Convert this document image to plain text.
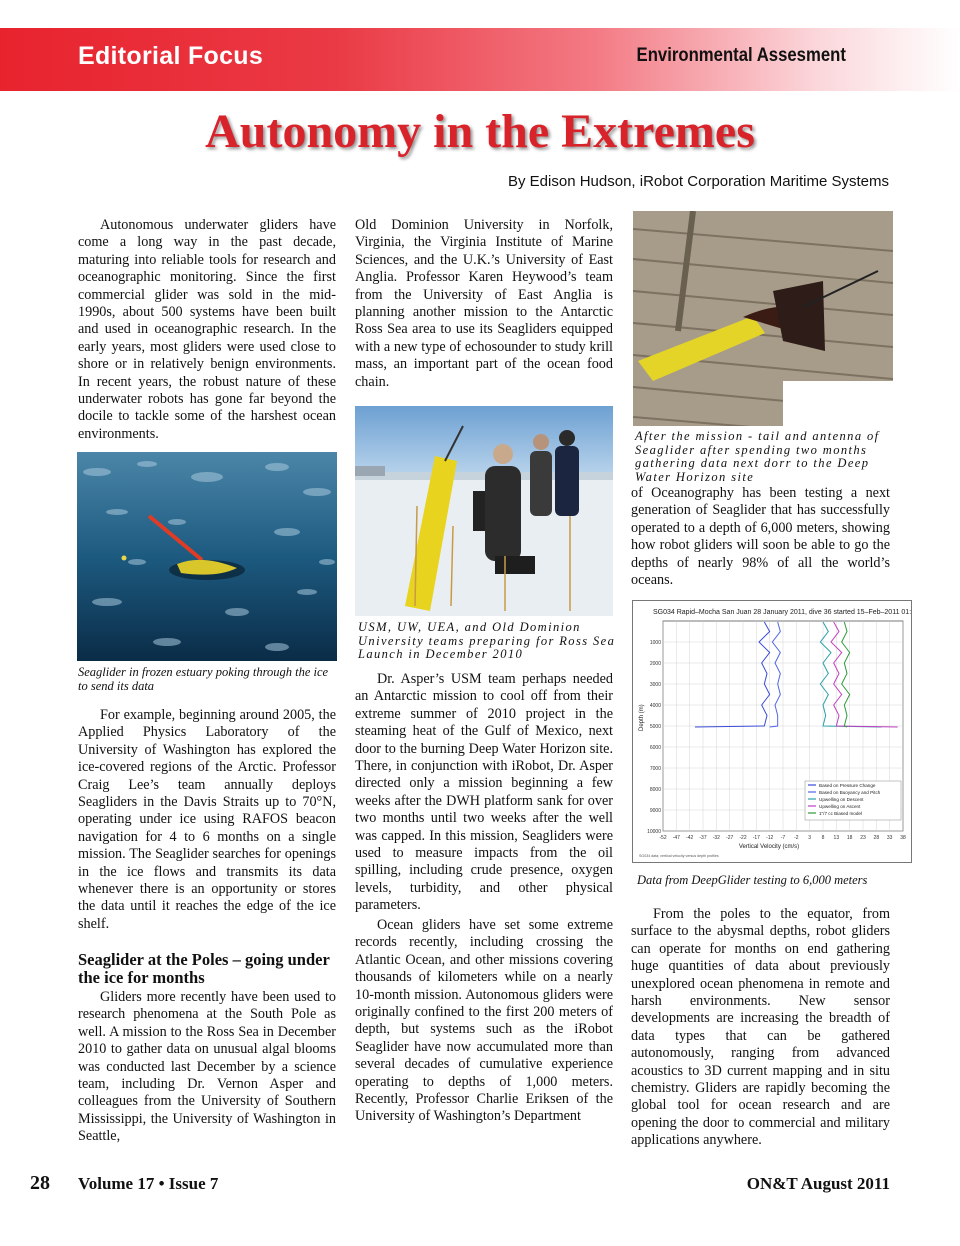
Editorial Focus	Environmental Assesment
Autonomy in the Extremes
By Edison Hudson, iRobot Corporation Maritime Systems

Autonomous underwater gliders have come a long way in the past decade, maturing into reliable tools for research and oceanographic monitoring. Since the first commercial glider was sold in the mid-1990s, about 500 systems have been built and used in oceanographic research. In the early years, most gliders were used close to shore or in relatively benign environments. In recent years, the robust nature of these underwater robots has gone far beyond the docile to tackle some of the harshest ocean environments.

Seaglider in frozen estuary poking through the ice to send its data

For example, beginning around 2005, the Applied Physics Laboratory of the University of Washington has explored the ice-covered regions of the Arctic. Professor Craig Lee’s team annually deploys Seagliders in the Davis Straits up to 70°N, operating under ice using RAFOS beacon navigation for 4 to 6 months on a single mission. The Seaglider searches for openings in the ice flows and transmits its data whenever there is an opportunity or stores the data until it reaches the edge of the ice shelf.

Seaglider at the Poles – going under the ice for months

Gliders more recently have been used to research phenomena at the South Pole as well. A mission to the Ross Sea in December 2010 to gather data on unusual algal blooms was conducted last December by a science team, including Dr. Vernon Asper and colleagues from the University of Southern Mississippi, the University of Washington in Seattle,

Old Dominion University in Norfolk, Virginia, the Virginia Institute of Marine Sciences, and the U.K.’s University of East Anglia. Professor Karen Heywood’s team from the University of East Anglia is planning another mission to the Antarctic Ross Sea area to use its Seagliders equipped with a new type of echosounder to study krill mass, an important part of the ocean food chain.

USM, UW, UEA, and Old Dominion University teams preparing for Ross Sea Launch in December 2010

Dr. Asper’s USM team perhaps needed an Antarctic mission to cool off from their extreme summer of 2010 project in the steaming heat of the Gulf of Mexico, next door to the burning Deep Water Horizon site. There, in conjunction with iRobot, Dr. Asper directed only a mission beginning a few weeks after the DWH platform sank for over two months until two weeks after the well was capped. In this mission, Seagliders were used to measure impacts from the oil spilling, including crude presence, oxygen levels, turbidity, and other physical parameters.

Ocean gliders have set some extreme records recently, including crossing the Atlantic Ocean, and other missions covering thousands of kilometers while on a nearly 10-month mission. Autonomous gliders were originally confined to the first 200 meters of depth, but systems such as the iRobot Seaglider have now accumulated more than several decades of cumulative experience operating to depths of 1,000 meters. Recently, Professor Charlie Eriksen of the University of Washington’s Department

After the mission - tail and antenna of Seaglider after spending two months gathering data next dorr to the Deep Water Horizon site

of Oceanography has been testing a next generation of Seaglider that has successfully operated to a depth of 6,000 meters, showing how robot gliders will soon be able to go the depths of nearly 98% of all the world’s oceans.

SG034 Rapid–Mocha San Juan 28 January 2011, dive 36 started 15–Feb–2011 01:26:01
Depth (m)
Vertical Velocity (cm/s)
SG034 data; vertical velocity versus depth profiles
-52 -47 -42 -37 -32 -27 -22 -17 -12 -7 -2 3 8 13 18 23 28 33 38
1000
2000
3000
4000
5000
6000
7000
8000
9000
10000
Based on Pressure Change
Based on Buoyancy and Pitch
Upwelling on Descent
Upwelling on Ascent
1"/7 cc Biased model
Data from DeepGlider testing to 6,000 meters

From the poles to the equator, from surface to the abysmal depths, robot gliders can operate for months on end gathering huge quantities of data about previously unexplored ocean phenomena in remote and harsh environments. New sensor developments are increasing the breadth of data types that can be gathered autonomously, ranging from advanced acoustics to 3D current mapping and in situ chemistry. Gliders are rapidly becoming the global tool for ocean research and are opening the door to commercial and military applications anywhere.

28 Volume 17 • Issue 7	ON&T August 2011
